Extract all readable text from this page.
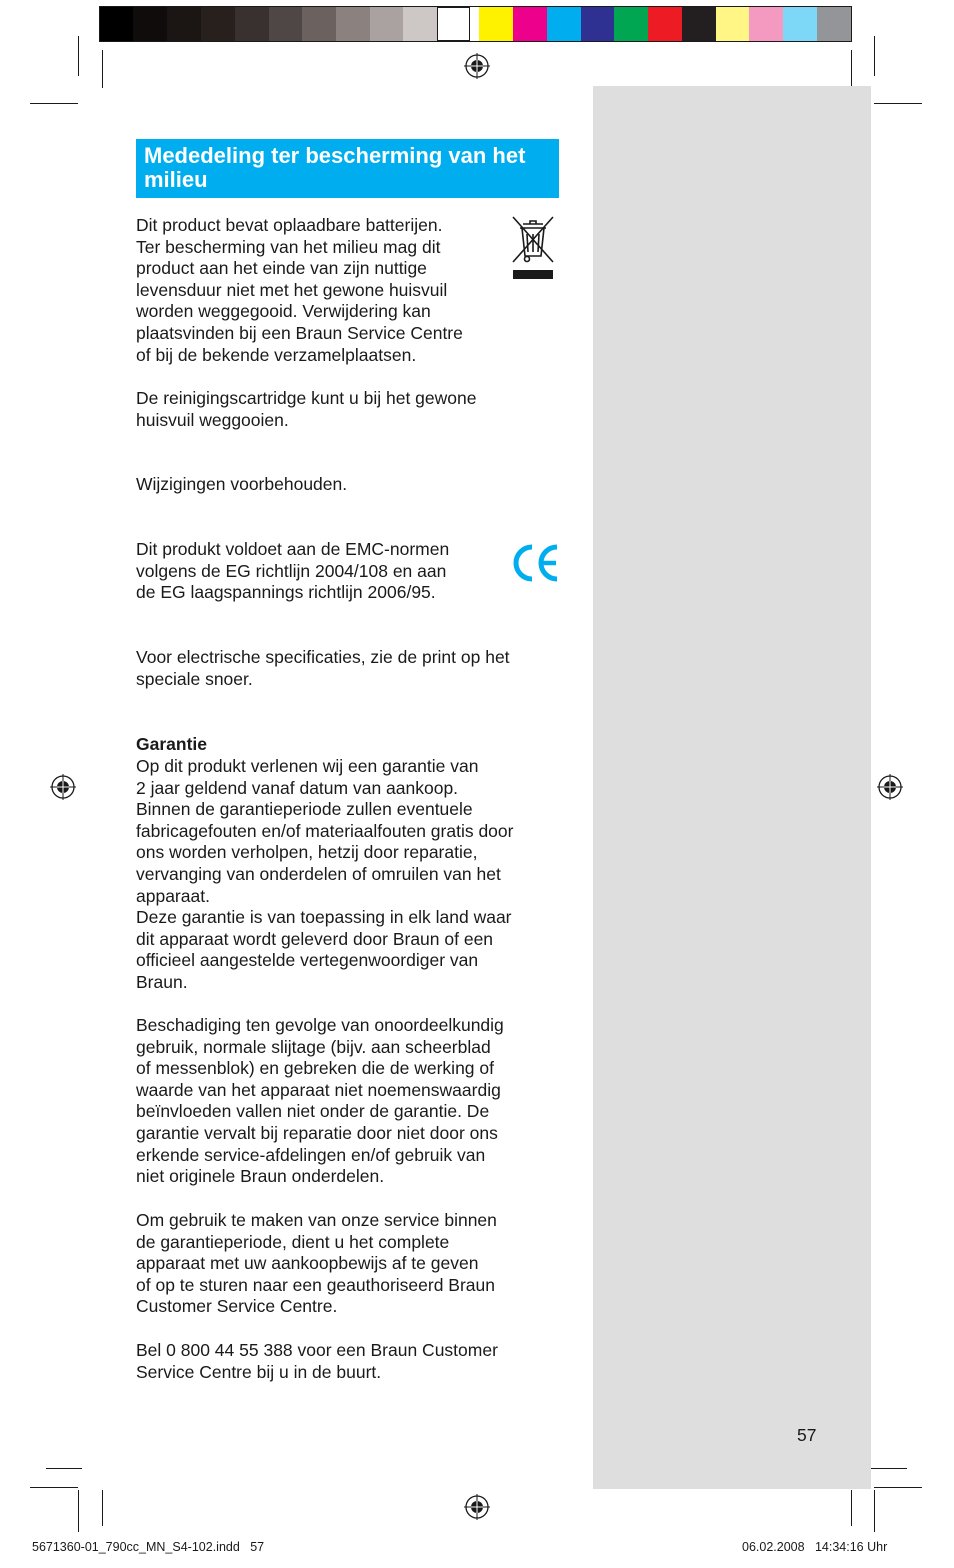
Mededeling ter bescherming van het milieu

Dit product bevat oplaadbare batterijen.
Ter bescherming van het milieu mag dit
product aan het einde van zijn nuttige
levensduur niet met het gewone huisvuil
worden weggegooid. Verwijdering kan
plaatsvinden bij een Braun Service Centre
of bij de bekende verzamelplaatsen.

De reinigingscartridge kunt u bij het gewone
huisvuil weggooien.

Wijzigingen voorbehouden.

Dit produkt voldoet aan de EMC-normen
volgens de EG richtlijn 2004/108 en aan
de EG laagspannings richtlijn 2006/95.

Voor electrische specificaties, zie de print op het
speciale snoer.

Garantie

Op dit produkt verlenen wij een garantie van
2 jaar geldend vanaf datum van aankoop.
Binnen de garantieperiode zullen eventuele
fabricagefouten en/of materiaalfouten gratis door
ons worden verholpen, hetzij door reparatie,
vervanging van onderdelen of omruilen van het
apparaat.
Deze garantie is van toepassing in elk land waar
dit apparaat wordt geleverd door Braun of een
officieel aangestelde vertegenwoordiger van
Braun.

Beschadiging ten gevolge van onoordeelkundig
gebruik, normale slijtage (bijv. aan scheerblad
of messenblok) en gebreken die de werking of
waarde van het apparaat niet noemenswaardig
beïnvloeden vallen niet onder de garantie. De
garantie vervalt bij reparatie door niet door ons
erkende service-afdelingen en/of gebruik van
niet originele Braun onderdelen.

Om gebruik te maken van onze service binnen
de garantieperiode, dient u het complete
apparaat met uw aankoopbewijs af te geven
of op te sturen naar een geauthoriseerd Braun
Customer Service Centre.

Bel 0 800 44 55 388 voor een Braun Customer
Service Centre bij u in de buurt.

57
5671360-01_790cc_MN_S4-102.indd   57	06.02.2008   14:34:16 Uhr
